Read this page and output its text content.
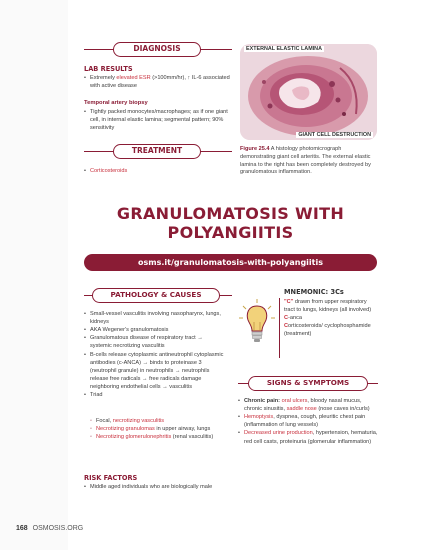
DIAGNOSIS
LAB RESULTS
• Extremely elevated ESR (>100mm/hr), ↑ IL-6 associated with active disease
Temporal artery biopsy
• Tightly packed monocytes/macrophages; as if one giant cell, in internal elastic lamina; segmental pattern; 90% sensitivity
TREATMENT
• Corticosteroids
EXTERNAL ELASTIC LAMINA
GIANT CELL DESTRUCTION
Figure 25.4 A histology photomicrograph demonstrating giant cell arteritis. The external elastic lamina to the right has been completely destroyed by granulomatous inflammation.
GRANULOMATOSIS WITH
POLYANGIITIS
osms.it/granulomatosis-with-polyangiitis
PATHOLOGY & CAUSES
• Small-vessel vasculitis involving nasopharynx, lungs, kidneys
• AKA Wegener's granulomatosis
• Granulomatous disease of respiratory tract → systemic necrotizing vasculitis
• B-cells release cytoplasmic antineutrophil cytoplasmic antibodies (c-ANCA) → binds to proteinase 3 (neutrophil granule) in neutrophils → neutrophils release free radicals → free radicals damage neighboring endothelial cells → vasculitis
• Triad
◦ Focal, necrotizing vasculitis
◦ Necrotizing granulomas in upper airway, lungs
◦ Necrotizing glomerulonephritis (renal vasculitis)
RISK FACTORS
• Middle aged individuals who are biologically male
MNEMONIC: 3Cs
"C" drawn from upper respiratory tract to lungs, kidneys (all involved)
C-anca
Corticosteroids/ cyclophosphamide (treatment)
SIGNS & SYMPTOMS
• Chronic pain: oral ulcers, bloody nasal mucus, chronic sinusitis, saddle nose (nose caves in/curls)
• Hemoptysis, dyspnea, cough, pleuritic chest pain (inflammation of lung vessels)
• Decreased urine production, hypertension, hematuria, red cell casts, proteinuria (glomerular inflammation)
168 OSMOSIS.ORG
